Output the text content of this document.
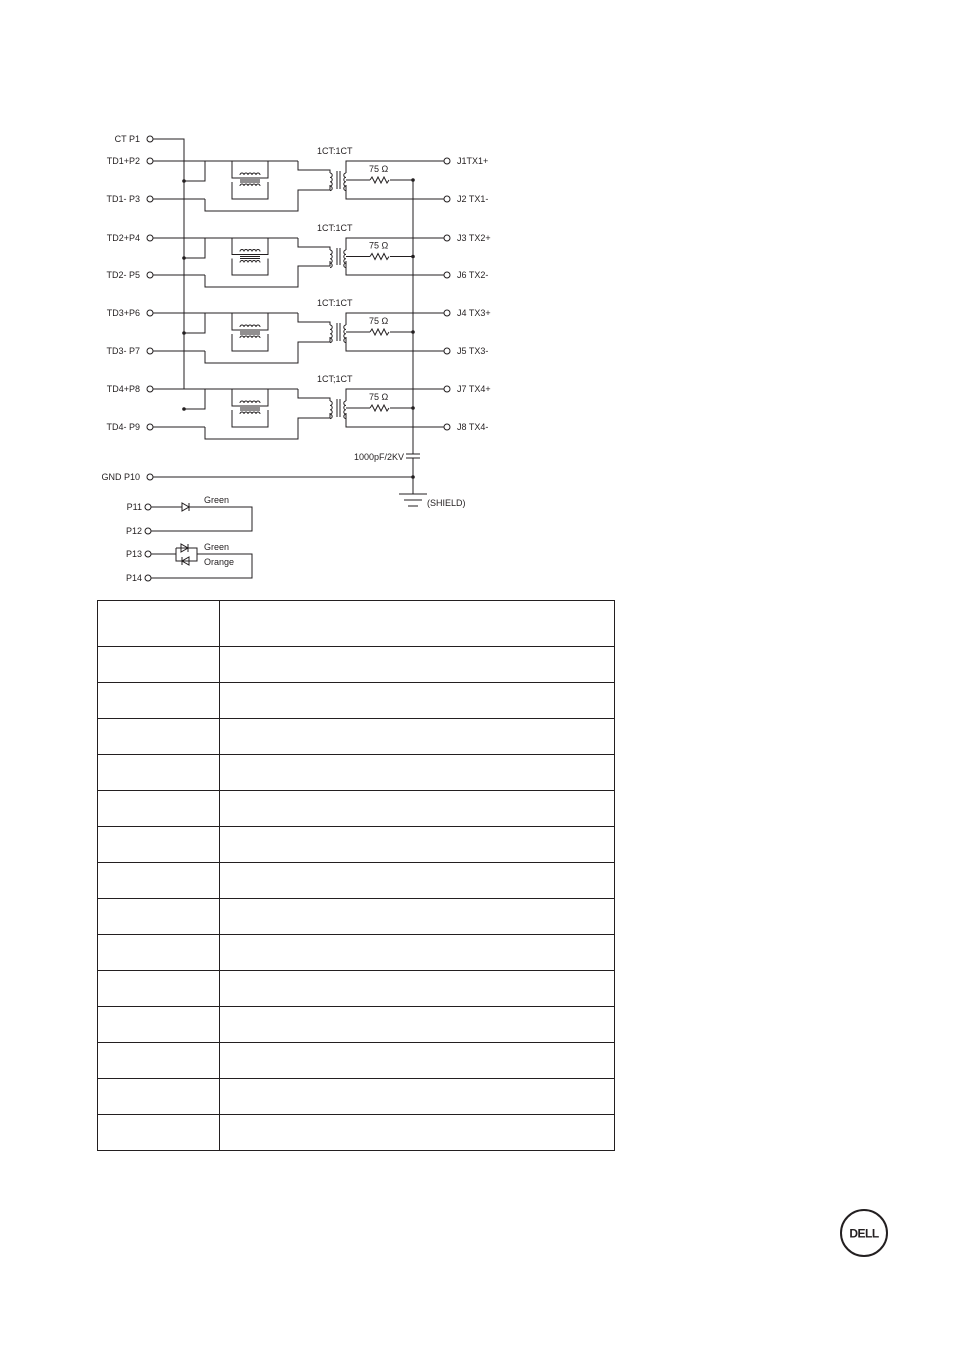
CT P1
TD1+P2
TD1- P3
1CT:1CT
75 Ω
J1TX1+
J2 TX1-
TD2+P4
TD2- P5
1CT:1CT
75 Ω
J3 TX2+
J6 TX2-
TD3+P6
TD3- P7
1CT:1CT
75 Ω
J4 TX3+
J5 TX3-
TD4+P8
TD4- P9
1CT;1CT
75 Ω
J7 TX4+
J8 TX4-
1000pF/2KV
GND P10
(SHIELD)
P11
P12
Green
P13
P14
Green
Orange

DELL
